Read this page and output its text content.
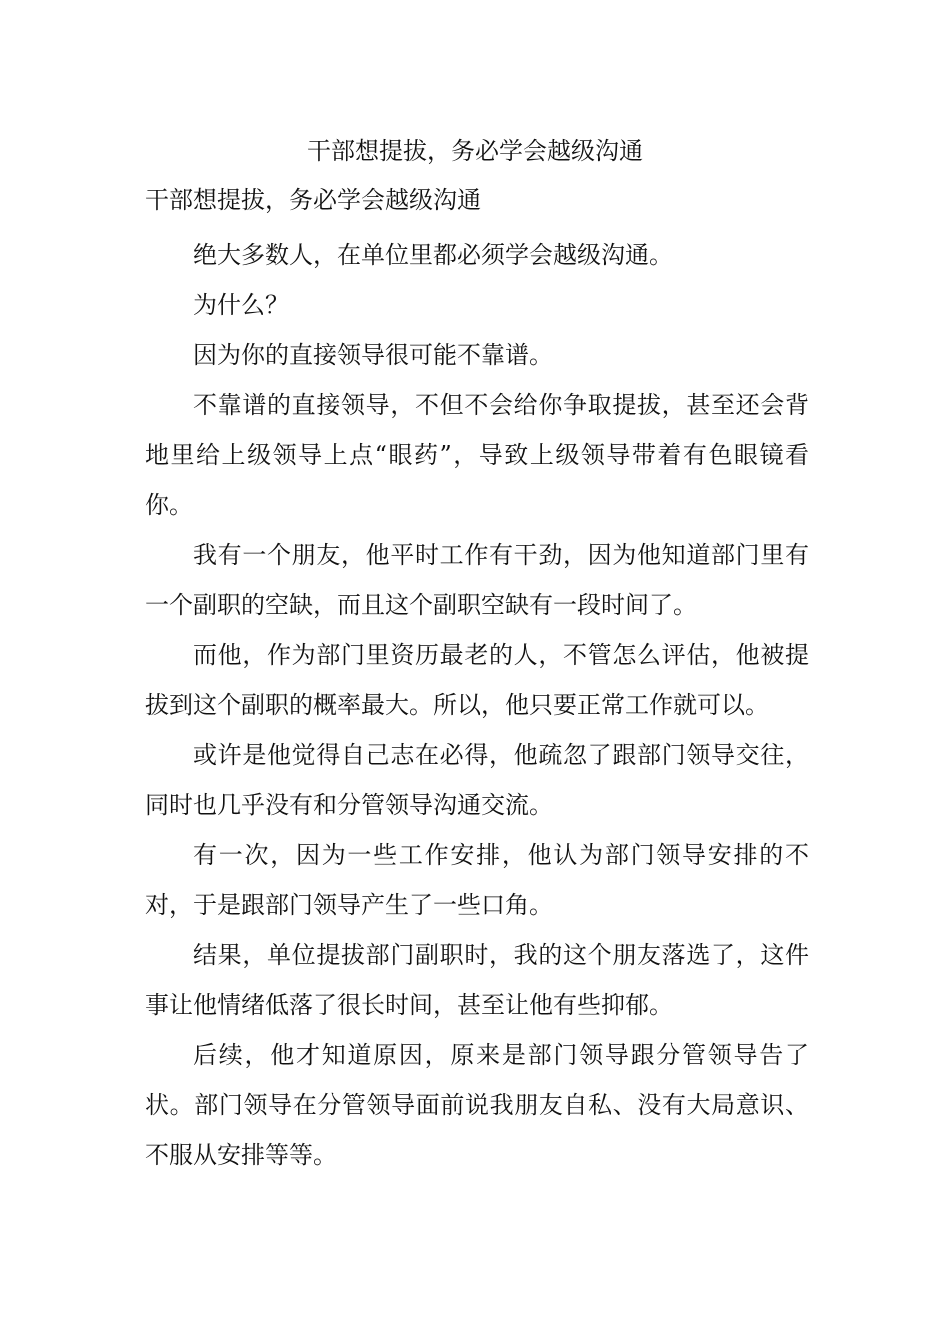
干部想提拔，务必学会越级沟通
干部想提拔，务必学会越级沟通

绝大多数人，在单位里都必须学会越级沟通。

为什么？

因为你的直接领导很可能不靠谱。

不靠谱的直接领导，不但不会给你争取提拔，甚至还会背地里给上级领导上点“眼药”，导致上级领导带着有色眼镜看你。

我有一个朋友，他平时工作有干劲，因为他知道部门里有一个副职的空缺，而且这个副职空缺有一段时间了。

而他，作为部门里资历最老的人，不管怎么评估，他被提拔到这个副职的概率最大。所以，他只要正常工作就可以。

或许是他觉得自己志在必得，他疏忽了跟部门领导交往，同时也几乎没有和分管领导沟通交流。

有一次，因为一些工作安排，他认为部门领导安排的不对，于是跟部门领导产生了一些口角。

结果，单位提拔部门副职时，我的这个朋友落选了，这件事让他情绪低落了很长时间，甚至让他有些抑郁。

后续，他才知道原因，原来是部门领导跟分管领导告了状。部门领导在分管领导面前说我朋友自私、没有大局意识、不服从安排等等。
